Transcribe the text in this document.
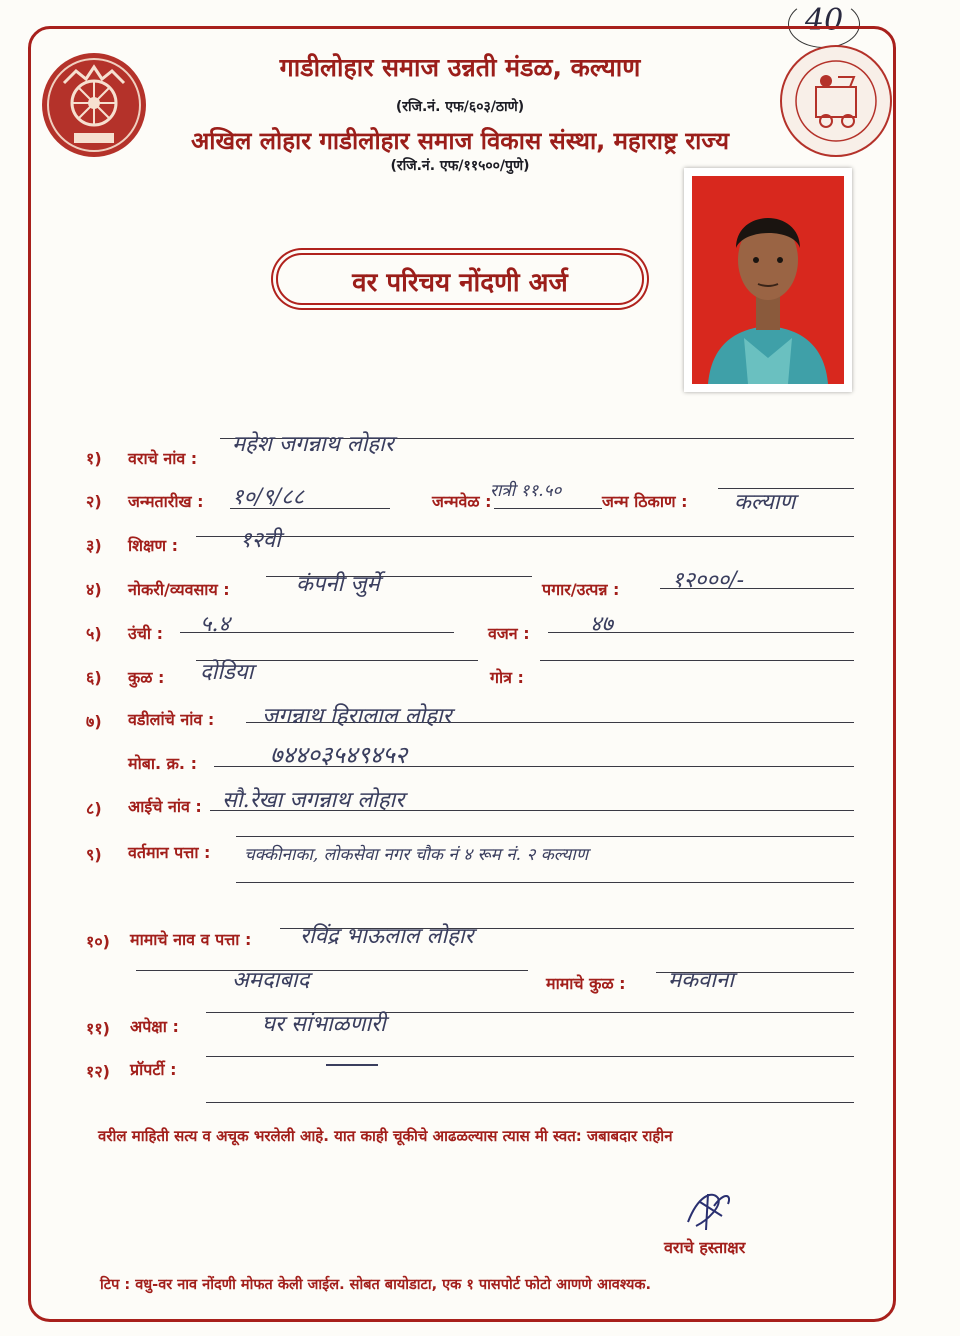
40
गाडीलोहार समाज उन्नती मंडळ, कल्याण
(रजि.नं. एफ/६०३/ठाणे)
अखिल लोहार गाडीलोहार समाज विकास संस्था, महाराष्ट्र राज्य
(रजि.नं. एफ/११५००/पुणे)
वर परिचय नोंदणी अर्ज
१) वराचे नांव :
महेश जगन्नाथ लोहार
२) जन्मतारीख : १०/९/८८	जन्मवेळ :
रात्री ११.५०
जन्म ठिकाण : कल्याण
३) शिक्षण :	१२वी
४) नोकरी/व्यवसाय :	कंपनी जुर्मे	पगार/उत्पन्न : १२०००/-
५) उंची : ५.४	वजन :	४७
६) कुळ : दोडिया	गोत्र :
७) वडीलांचे नांव : जगन्नाथ हिरालाल लोहार
मोबा. क्र. :	७४४०३५४९४५२
८) आईचे नांव : सौ.रेखा जगन्नाथ लोहार
९) वर्तमान पत्ता : चक्कीनाका, लोकसेवा नगर चौक नं ४ रूम नं. २ कल्याण
१०) मामाचे नाव व पत्ता : रविंद्र भाऊलाल लोहार
अमदाबाद	मामाचे कुळ : मकवाना
११) अपेक्षा :	घर सांभाळणारी
१२) प्रॉपर्टी :
वरील माहिती सत्य व अचूक भरलेली आहे. यात काही चूकीचे आढळल्यास त्यास मी स्वत: जबाबदार राहीन
वराचे हस्ताक्षर
टिप : वधु-वर नाव नोंदणी मोफत केली जाईल. सोबत बायोडाटा, एक १ पासपोर्ट फोटो आणणे आवश्यक.
